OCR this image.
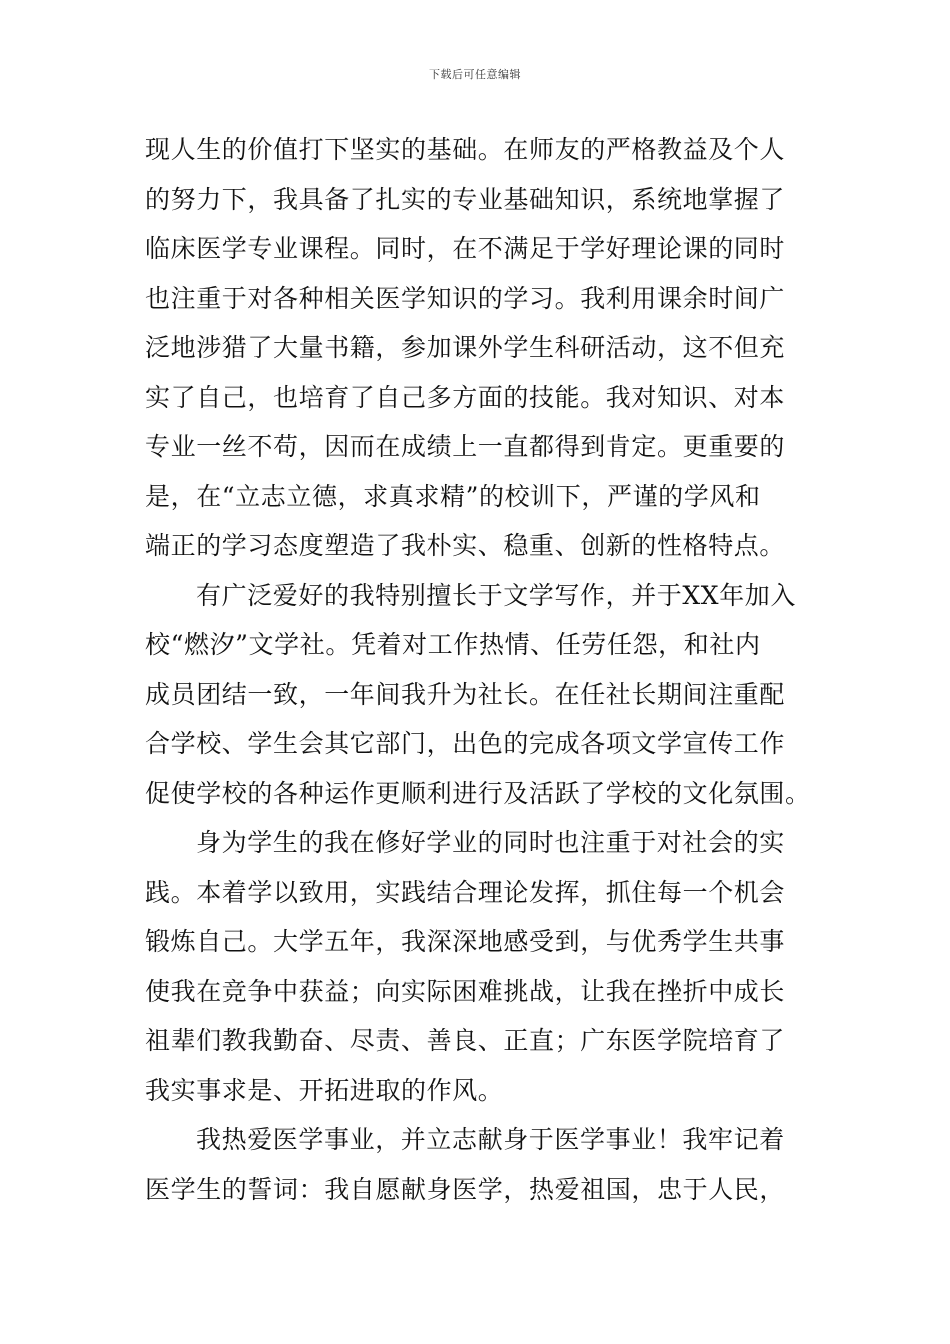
下载后可任意编辑
现人生的价值打下坚实的基础。在师友的严格教益及个人
的努力下，我具备了扎实的专业基础知识，系统地掌握了
临床医学专业课程。同时，在不满足于学好理论课的同时
也注重于对各种相关医学知识的学习。我利用课余时间广
泛地涉猎了大量书籍，参加课外学生科研活动，这不但充
实了自己，也培育了自己多方面的技能。我对知识、对本
专业一丝不苟，因而在成绩上一直都得到肯定。更重要的
是，在“立志立德，求真求精”的校训下，严谨的学风和
端正的学习态度塑造了我朴实、稳重、创新的性格特点。
有广泛爱好的我特别擅长于文学写作，并于XX年加入
校“燃汐”文学社。凭着对工作热情、任劳任怨，和社内
成员团结一致，一年间我升为社长。在任社长期间注重配
合学校、学生会其它部门，出色的完成各项文学宣传工作
促使学校的各种运作更顺利进行及活跃了学校的文化氛围。
身为学生的我在修好学业的同时也注重于对社会的实
践。本着学以致用，实践结合理论发挥，抓住每一个机会
锻炼自己。大学五年，我深深地感受到，与优秀学生共事
使我在竞争中获益；向实际困难挑战，让我在挫折中成长
祖辈们教我勤奋、尽责、善良、正直；广东医学院培育了
我实事求是、开拓进取的作风。
我热爱医学事业，并立志献身于医学事业！我牢记着
医学生的誓词：我自愿献身医学，热爱祖国，忠于人民，
